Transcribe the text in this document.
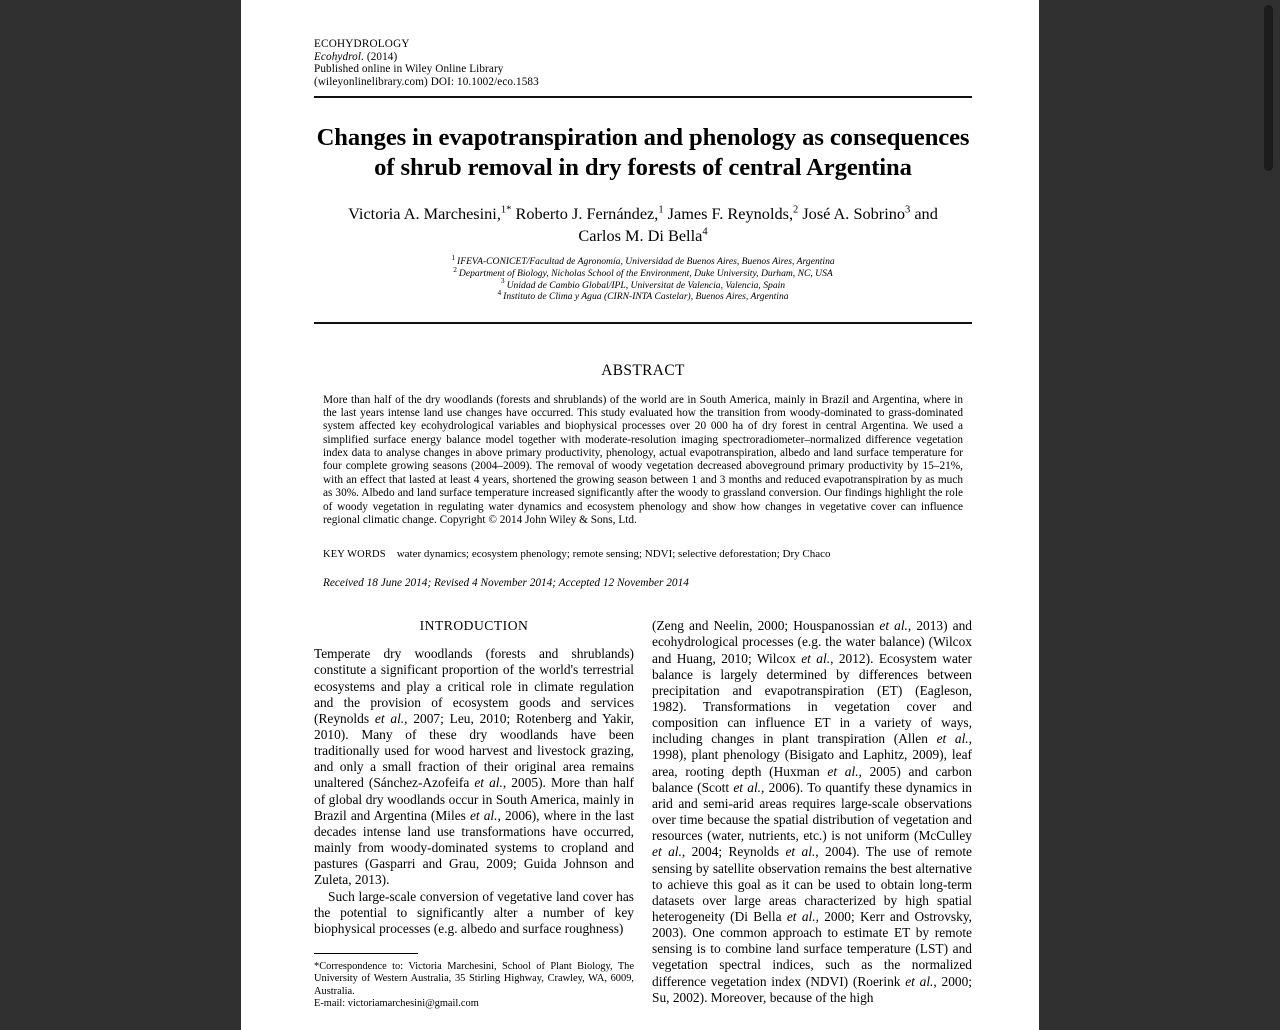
ECOHYDROLOGY
Ecohydrol. (2014)
Published online in Wiley Online Library
(wileyonlinelibrary.com) DOI: 10.1002/eco.1583
Changes in evapotranspiration and phenology as consequences
of shrub removal in dry forests of central Argentina
Victoria A. Marchesini,$^{1*}$ Roberto J. Fernández,$^1$ James F. Reynolds,$^2$ José A. Sobrino$^3$ and
Carlos M. Di Bella$^4$
$^1$ IFEVA-CONICET/Facultad de Agronomía, Universidad de Buenos Aires, Buenos Aires, Argentina
$^2$ Department of Biology, Nicholas School of the Environment, Duke University, Durham, NC, USA
$^3$ Unidad de Cambio Global/IPL, Universitat de Valencia, Valencia, Spain
$^4$ Instituto de Clima y Agua (CIRN-INTA Castelar), Buenos Aires, Argentina
ABSTRACT
More than half of the dry woodlands (forests and shrublands) of the world are in South America, mainly in Brazil and Argentina, where in the last years intense land use changes have occurred. This study evaluated how the transition from woody-dominated to grass-dominated system affected key ecohydrological variables and biophysical processes over 20 000 ha of dry forest in central Argentina. We used a simplified surface energy balance model together with moderate-resolution imaging spectroradiometer–normalized difference vegetation index data to analyse changes in above primary productivity, phenology, actual evapotranspiration, albedo and land surface temperature for four complete growing seasons (2004–2009). The removal of woody vegetation decreased aboveground primary productivity by 15–21%, with an effect that lasted at least 4 years, shortened the growing season between 1 and 3 months and reduced evapotranspiration by as much as 30%. Albedo and land surface temperature increased significantly after the woody to grassland conversion. Our findings highlight the role of woody vegetation in regulating water dynamics and ecosystem phenology and show how changes in vegetative cover can influence regional climatic change. Copyright © 2014 John Wiley & Sons, Ltd.
KEY WORDS water dynamics; ecosystem phenology; remote sensing; NDVI; selective deforestation; Dry Chaco
Received 18 June 2014; Revised 4 November 2014; Accepted 12 November 2014
INTRODUCTION

Temperate dry woodlands (forests and shrublands) constitute a significant proportion of the world's terrestrial ecosystems and play a critical role in climate regulation and the provision of ecosystem goods and services (Reynolds et al., 2007; Leu, 2010; Rotenberg and Yakir, 2010). Many of these dry woodlands have been traditionally used for wood harvest and livestock grazing, and only a small fraction of their original area remains unaltered (Sánchez-Azofeifa et al., 2005). More than half of global dry woodlands occur in South America, mainly in Brazil and Argentina (Miles et al., 2006), where in the last decades intense land use transformations have occurred, mainly from woody-dominated systems to cropland and pastures (Gasparri and Grau, 2009; Guida Johnson and Zuleta, 2013).

Such large-scale conversion of vegetative land cover has the potential to significantly alter a number of key biophysical processes (e.g. albedo and surface roughness)

*Correspondence to: Victoria Marchesini, School of Plant Biology, The University of Western Australia, 35 Stirling Highway, Crawley, WA, 6009, Australia.
E-mail: victoriamarchesini@gmail.com

(Zeng and Neelin, 2000; Houspanossian et al., 2013) and ecohydrological processes (e.g. the water balance) (Wilcox and Huang, 2010; Wilcox et al., 2012). Ecosystem water balance is largely determined by differences between precipitation and evapotranspiration (ET) (Eagleson, 1982). Transformations in vegetation cover and composition can influence ET in a variety of ways, including changes in plant transpiration (Allen et al., 1998), plant phenology (Bisigato and Laphitz, 2009), leaf area, rooting depth (Huxman et al., 2005) and carbon balance (Scott et al., 2006). To quantify these dynamics in arid and semi-arid areas requires large-scale observations over time because the spatial distribution of vegetation and resources (water, nutrients, etc.) is not uniform (McCulley et al., 2004; Reynolds et al., 2004). The use of remote sensing by satellite observation remains the best alternative to achieve this goal as it can be used to obtain long-term datasets over large areas characterized by high spatial heterogeneity (Di Bella et al., 2000; Kerr and Ostrovsky, 2003). One common approach to estimate ET by remote sensing is to combine land surface temperature (LST) and vegetation spectral indices, such as the normalized difference vegetation index (NDVI) (Roerink et al., 2000; Su, 2002). Moreover, because of the high
